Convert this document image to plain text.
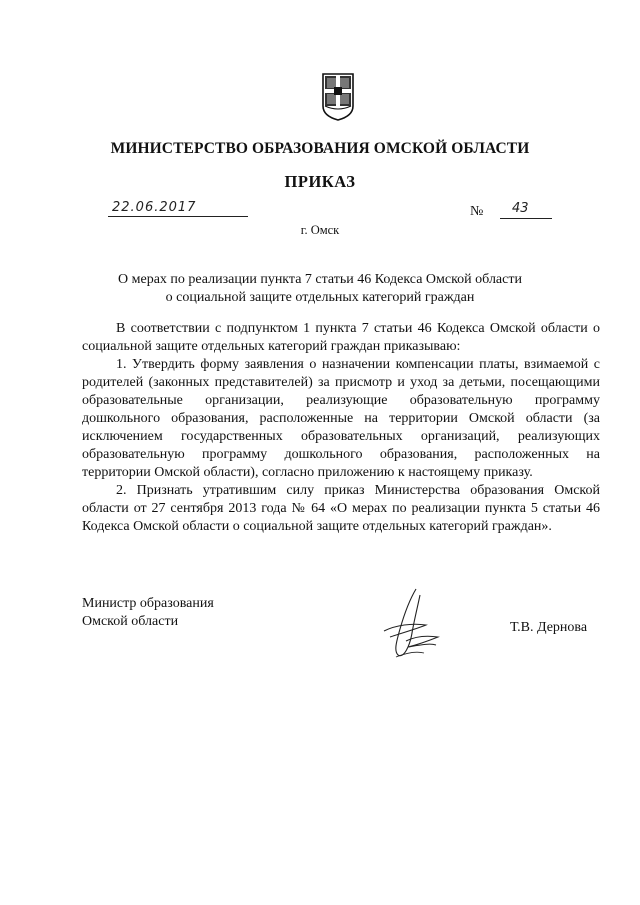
МИНИСТЕРСТВО ОБРАЗОВАНИЯ ОМСКОЙ ОБЛАСТИ
ПРИКАЗ
22.06.2017	№ 43
г. Омск
О мерах по реализации пункта 7 статьи 46 Кодекса Омской области
о социальной защите отдельных категорий граждан

В соответствии с подпунктом 1 пункта 7 статьи 46 Кодекса Омской области о социальной защите отдельных категорий граждан приказываю:

1. Утвердить форму заявления о назначении компенсации платы, взимаемой с родителей (законных представителей) за присмотр и уход за детьми, посещающими образовательные организации, реализующие образовательную программу дошкольного образования, расположенные на территории Омской области (за исключением государственных образовательных организаций, реализующих образовательную программу дошкольного образования, расположенных на территории Омской области), согласно приложению к настоящему приказу.

2. Признать утратившим силу приказ Министерства образования Омской области от 27 сентября 2013 года № 64 «О мерах по реализации пункта 5 статьи 46 Кодекса Омской области о социальной защите отдельных категорий граждан».

Министр образования
Омской области	Т.В. Дернова
